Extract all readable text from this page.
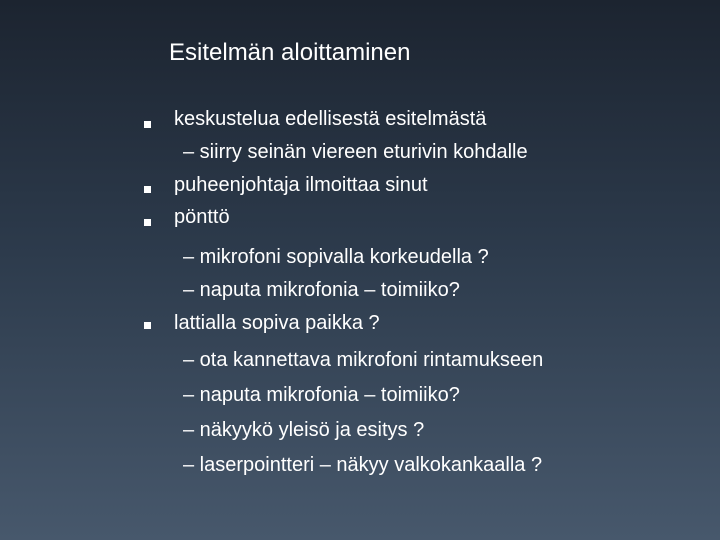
Esitelmän aloittaminen
keskustelua edellisestä esitelmästä
– siirry seinän viereen eturivin kohdalle
puheenjohtaja ilmoittaa sinut
pönttö
– mikrofoni sopivalla korkeudella ?
– naputa mikrofonia – toimiiko?
lattialla sopiva paikka ?
– ota kannettava mikrofoni rintamukseen
– naputa mikrofonia – toimiiko?
– näkyykö yleisö ja esitys ?
– laserpointteri – näkyy valkokankaalla ?
